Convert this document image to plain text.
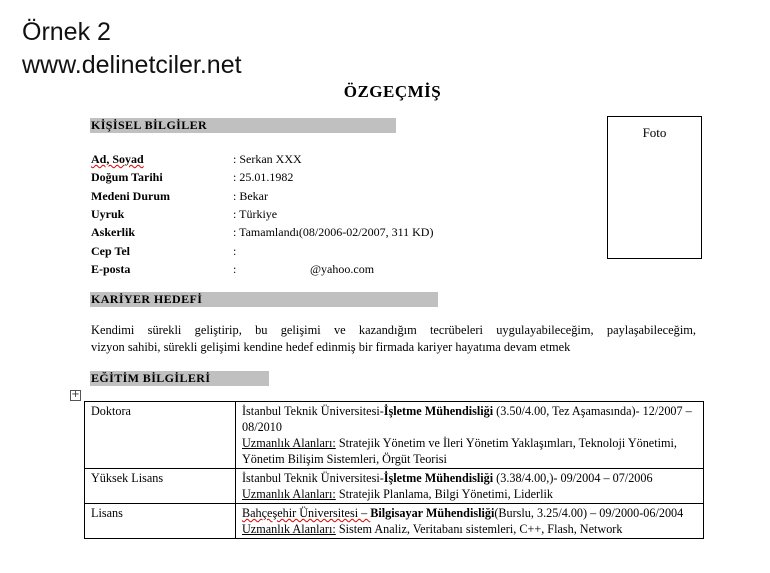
Örnek 2
www.delinetciler.net
ÖZGEÇMİŞ
KİŞİSEL BİLGİLER	Foto
Ad, Soyad	: Serkan XXX
Doğum Tarihi	: 25.01.1982
Medeni Durum	: Bekar
Uyruk	: Türkiye
Askerlik	: Tamamlandı(08/2006-02/2007, 311 KD)
Cep Tel	:
E-posta	:	@yahoo.com
KARİYER HEDEFİ
Kendimi sürekli geliştirip, bu gelişimi ve kazandığım tecrübeleri uygulayabileceğim, paylaşabileceğim,
vizyon sahibi, sürekli gelişimi kendine hedef edinmiş bir firmada kariyer hayatıma devam etmek
EĞİTİM BİLGİLERİ
+
Doktora	İstanbul Teknik Üniversitesi-İşletme Mühendisliği (3.50/4.00, Tez Aşamasında)- 12/2007 – 08/2010
Uzmanlık Alanları: Stratejik Yönetim ve İleri Yönetim Yaklaşımları, Teknoloji Yönetimi, Yönetim Bilişim Sistemleri, Örgüt Teorisi
Yüksek Lisans	İstanbul Teknik Üniversitesi-İşletme Mühendisliği (3.38/4.00,)- 09/2004 – 07/2006
Uzmanlık Alanları: Stratejik Planlama, Bilgi Yönetimi, Liderlik
Lisans	Bahçeşehir Üniversitesi – Bilgisayar Mühendisliği(Burslu, 3.25/4.00) – 09/2000-06/2004
Uzmanlık Alanları: Sistem Analiz, Veritabanı sistemleri, C++, Flash, Network
